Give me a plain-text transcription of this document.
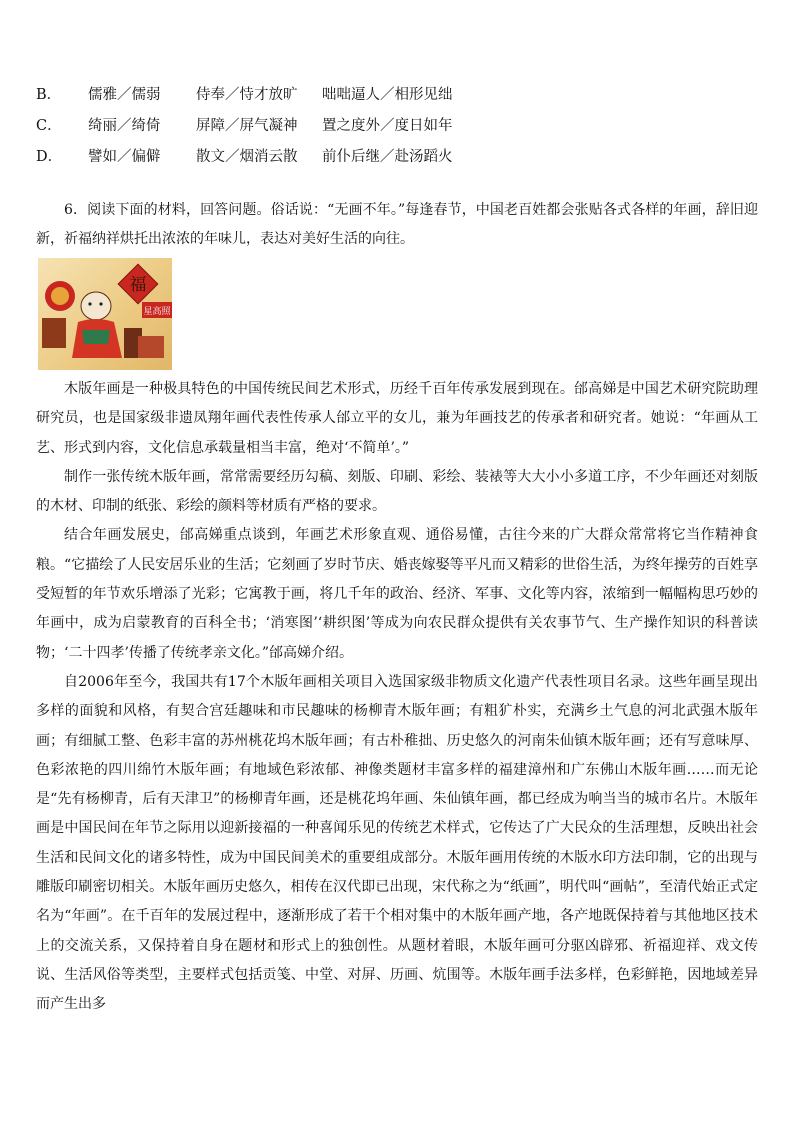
B．	儒雅／儒弱	侍奉／恃才放旷	咄咄逼人／相形见绌
C．	绮丽／绮倚	屏障／屏气凝神	置之度外／度日如年
D．	譬如／偏僻	散文／烟消云散	前仆后继／赴汤蹈火

6．阅读下面的材料，回答问题。俗话说：“无画不年。”每逢春节，中国老百姓都会张贴各式各样的年画，辞旧迎新，祈福纳祥烘托出浓浓的年味儿，表达对美好生活的向往。

福
星高照

木版年画是一种极具特色的中国传统民间艺术形式，历经千百年传承发展到现在。邰高娣是中国艺术研究院助理研究员，也是国家级非遗凤翔年画代表性传承人邰立平的女儿，兼为年画技艺的传承者和研究者。她说：“年画从工艺、形式到内容，文化信息承载量相当丰富，绝对‘不简单’。”

制作一张传统木版年画，常常需要经历勾稿、刻版、印刷、彩绘、装裱等大大小小多道工序，不少年画还对刻版的木材、印制的纸张、彩绘的颜料等材质有严格的要求。

结合年画发展史，邰高娣重点谈到，年画艺术形象直观、通俗易懂，古往今来的广大群众常常将它当作精神食粮。“它描绘了人民安居乐业的生活；它刻画了岁时节庆、婚丧嫁娶等平凡而又精彩的世俗生活，为终年操劳的百姓享受短暂的年节欢乐增添了光彩；它寓教于画，将几千年的政治、经济、军事、文化等内容，浓缩到一幅幅构思巧妙的年画中，成为启蒙教育的百科全书；‘消寒图’‘耕织图’等成为向农民群众提供有关农事节气、生产操作知识的科普读物；‘二十四孝’传播了传统孝亲文化。”邰高娣介绍。

自2006年至今，我国共有17个木版年画相关项目入选国家级非物质文化遗产代表性项目名录。这些年画呈现出多样的面貌和风格，有契合宫廷趣味和市民趣味的杨柳青木版年画；有粗犷朴实，充满乡土气息的河北武强木版年画；有细腻工整、色彩丰富的苏州桃花坞木版年画；有古朴稚拙、历史悠久的河南朱仙镇木版年画；还有写意味厚、色彩浓艳的四川绵竹木版年画；有地域色彩浓郁、神像类题材丰富多样的福建漳州和广东佛山木版年画……而无论是“先有杨柳青，后有天津卫”的杨柳青年画，还是桃花坞年画、朱仙镇年画，都已经成为响当当的城市名片。木版年画是中国民间在年节之际用以迎新接福的一种喜闻乐见的传统艺术样式，它传达了广大民众的生活理想，反映出社会生活和民间文化的诸多特性，成为中国民间美术的重要组成部分。木版年画用传统的木版水印方法印制，它的出现与雕版印刷密切相关。木版年画历史悠久，相传在汉代即已出现，宋代称之为“纸画”，明代叫“画帖”，至清代始正式定名为“年画”。在千百年的发展过程中，逐渐形成了若干个相对集中的木版年画产地，各产地既保持着与其他地区技术上的交流关系，又保持着自身在题材和形式上的独创性。从题材着眼，木版年画可分驱凶辟邪、祈福迎祥、戏文传说、生活风俗等类型，主要样式包括贡笺、中堂、对屏、历画、炕围等。木版年画手法多样，色彩鲜艳，因地域差异而产生出多
